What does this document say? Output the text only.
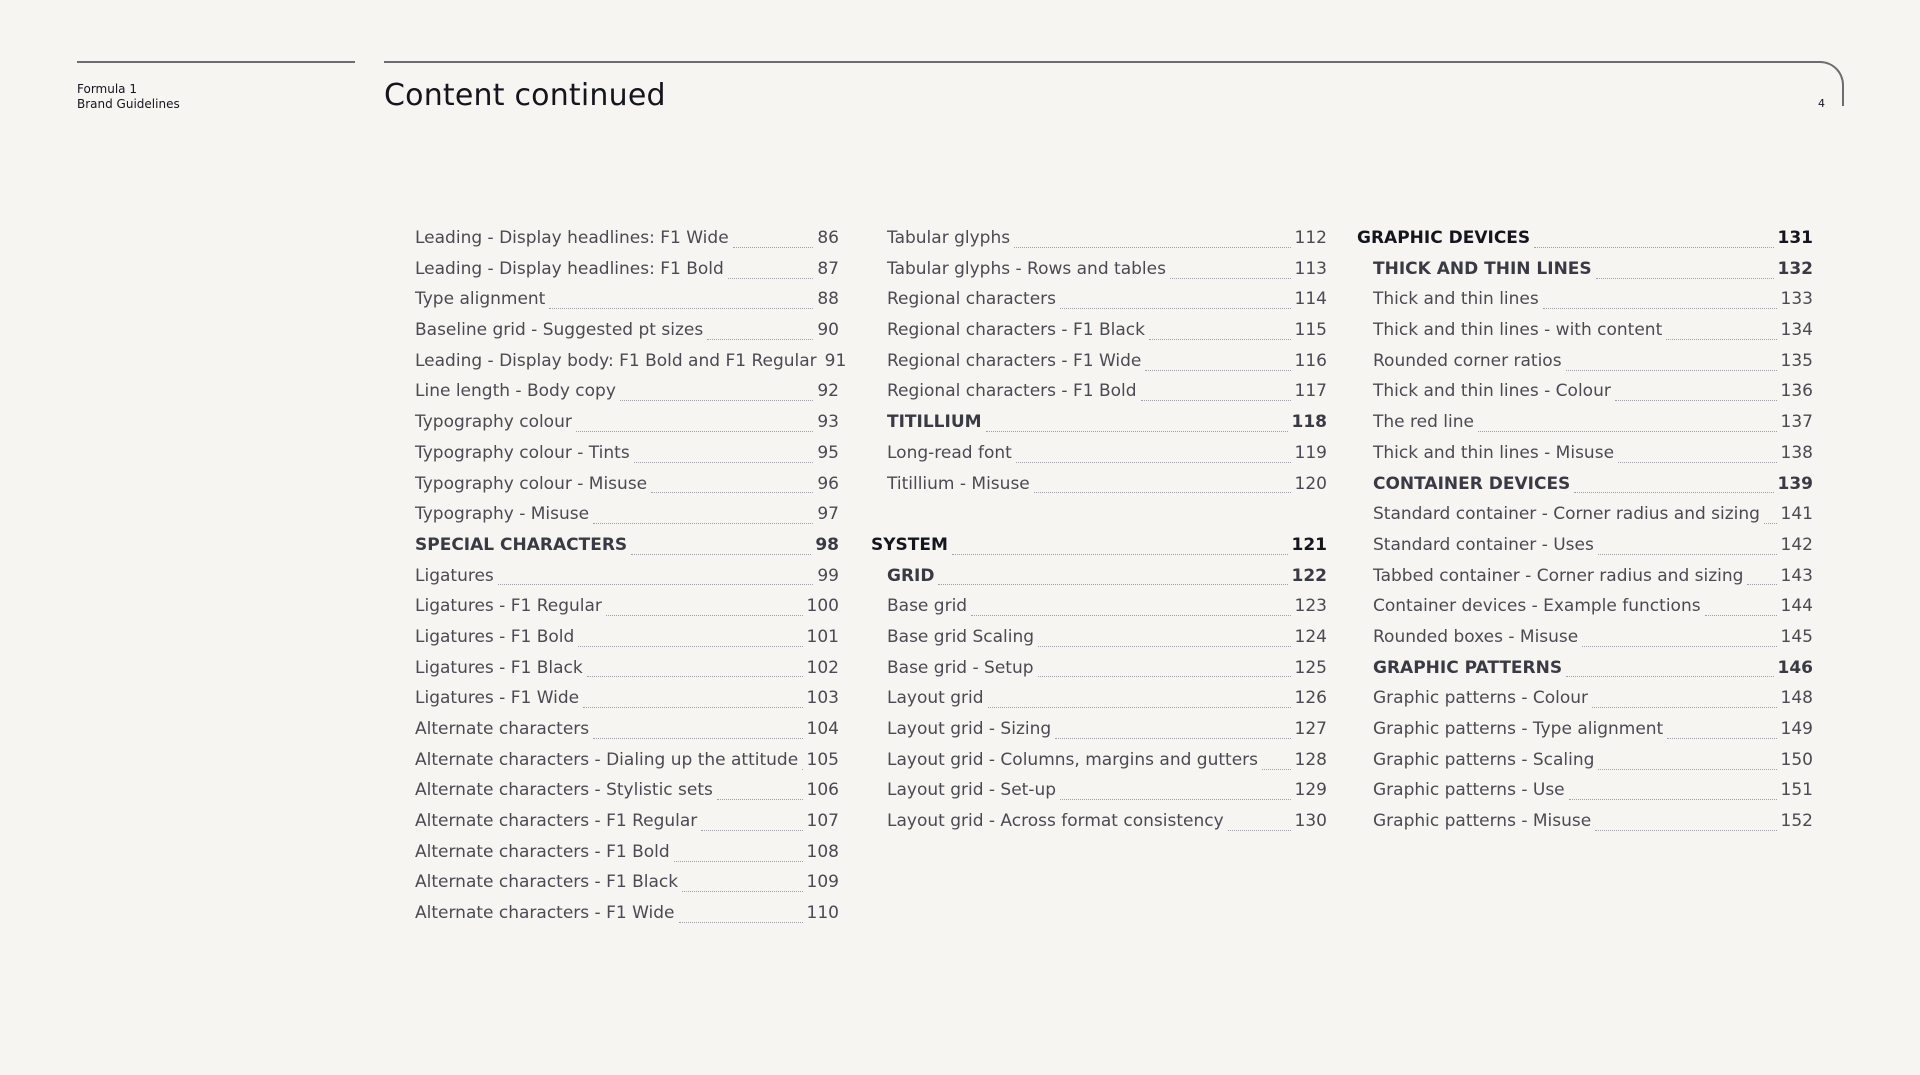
Formula 1
Brand Guidelines	Content continued	4
Leading - Display headlines: F1 Wide	86
Leading - Display headlines: F1 Bold	87
Type alignment	88
Baseline grid - Suggested pt sizes	90
Leading - Display body: F1 Bold and F1 Regular 91
Line length - Body copy	92
Typography colour	93
Typography colour - Tints	95
Typography colour - Misuse	96
Typography - Misuse	97
SPECIAL CHARACTERS	98
Ligatures	99
Ligatures - F1 Regular	100
Ligatures - F1 Bold	101
Ligatures - F1 Black	102
Ligatures - F1 Wide	103
Alternate characters	104
Alternate characters - Dialing up the attitude 105
Alternate characters - Stylistic sets	106
Alternate characters - F1 Regular	107
Alternate characters - F1 Bold	108
Alternate characters - F1 Black	109
Alternate characters - F1 Wide	110
Tabular glyphs	112
Tabular glyphs - Rows and tables	113
Regional characters	114
Regional characters - F1 Black	115
Regional characters - F1 Wide	116
Regional characters - F1 Bold	117
TITILLIUM	118
Long-read font	119
Titillium - Misuse	120
SYSTEM	121
GRID	122
Base grid	123
Base grid Scaling	124
Base grid - Setup	125
Layout grid	126
Layout grid - Sizing	127
Layout grid - Columns, margins and gutters 128
Layout grid - Set-up	129
Layout grid - Across format consistency	130
GRAPHIC DEVICES	131
THICK AND THIN LINES	132
Thick and thin lines	133
Thick and thin lines - with content	134
Rounded corner ratios	135
Thick and thin lines - Colour	136
The red line	137
Thick and thin lines - Misuse	138
CONTAINER DEVICES	139
Standard container - Corner radius and sizing 141
Standard container - Uses	142
Tabbed container - Corner radius and sizing 143
Container devices - Example functions	144
Rounded boxes - Misuse	145
GRAPHIC PATTERNS	146
Graphic patterns - Colour	148
Graphic patterns - Type alignment	149
Graphic patterns - Scaling	150
Graphic patterns - Use	151
Graphic patterns - Misuse	152
